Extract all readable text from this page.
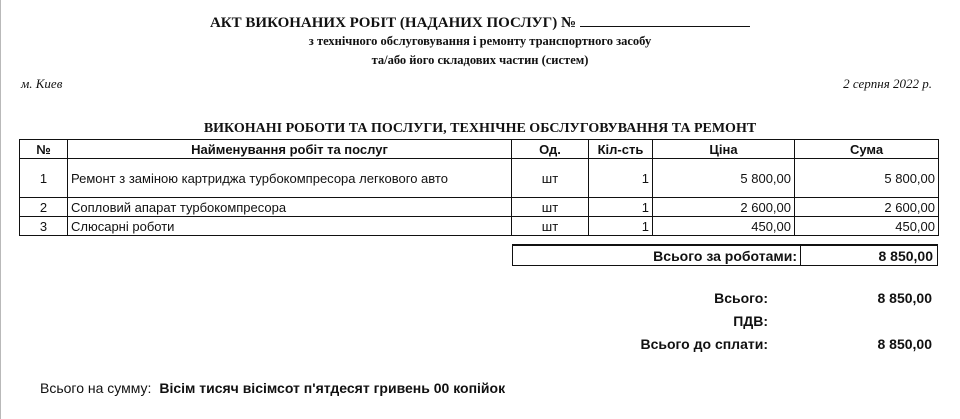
АКТ ВИКОНАНИХ РОБІТ (НАДАНИХ ПОСЛУГ) №
з технічного обслуговування і ремонту транспортного засобу
та/або його складових частин (систем)
м. Киев	2 серпня 2022 р.
ВИКОНАНІ РОБОТИ ТА ПОСЛУГИ, ТЕХНІЧНЕ ОБСЛУГОВУВАННЯ ТА РЕМОНТ
№	Найменування робіт та послуг	Од.	Кіл-сть	Ціна	Сума
1	Ремонт з заміною картриджа турбокомпресора легкового авто	шт	1	5 800,00	5 800,00
2	Сопловий апарат турбокомпресора	шт	1	2 600,00	2 600,00
3	Слюсарні роботи	шт	1	450,00	450,00
Всього за роботами:	8 850,00
Всього:	8 850,00
ПДВ:
Всього до сплати:	8 850,00
Всього на сумму: Вісім тисяч вісімсот п'ятдесят гривень 00 копійок
